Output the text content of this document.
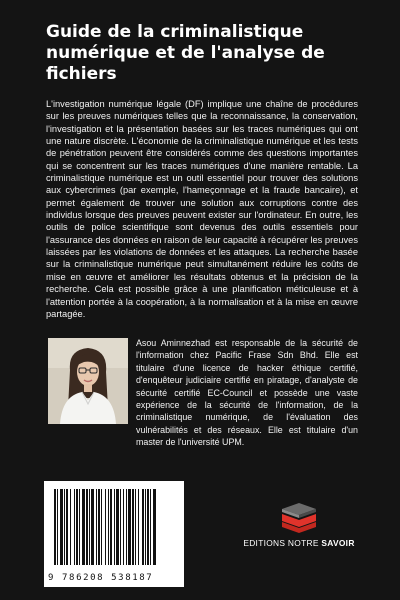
Guide de la criminalistique numérique et de l'analyse de fichiers

L'investigation numérique légale (DF) implique une chaîne de procédures sur les preuves numériques telles que la reconnaissance, la conservation, l'investigation et la présentation basées sur les traces numériques qui ont une nature discrète. L'économie de la criminalistique numérique et les tests de pénétration peuvent être considérés comme des questions importantes qui se concentrent sur les traces numériques d'une manière rentable. La criminalistique numérique est un outil essentiel pour trouver des solutions aux cybercrimes (par exemple, l'hameçonnage et la fraude bancaire), et permet également de trouver une solution aux corruptions contre des individus lorsque des preuves peuvent exister sur l'ordinateur. En outre, les outils de police scientifique sont devenus des outils essentiels pour l'assurance des données en raison de leur capacité à récupérer les preuves laissées par les violations de données et les attaques. La recherche basée sur la criminalistique numérique peut simultanément réduire les coûts de mise en œuvre et améliorer les résultats obtenus et la précision de la recherche. Cela est possible grâce à une planification méticuleuse et à l'attention portée à la coopération, à la normalisation et à la mise en œuvre partagée.

Asou Aminnezhad est responsable de la sécurité de l'information chez Pacific Frase Sdn Bhd. Elle est titulaire d'une licence de hacker éthique certifié, d'enquêteur judiciaire certifié en piratage, d'analyste de sécurité certifié EC-Council et possède une vaste expérience de la sécurité de l'information, de la criminalistique numérique, de l'évaluation des vulnérabilités et des réseaux. Elle est titulaire d'un master de l'université UPM.

9 786208 538187
EDITIONS NOTRE SAVOIR
